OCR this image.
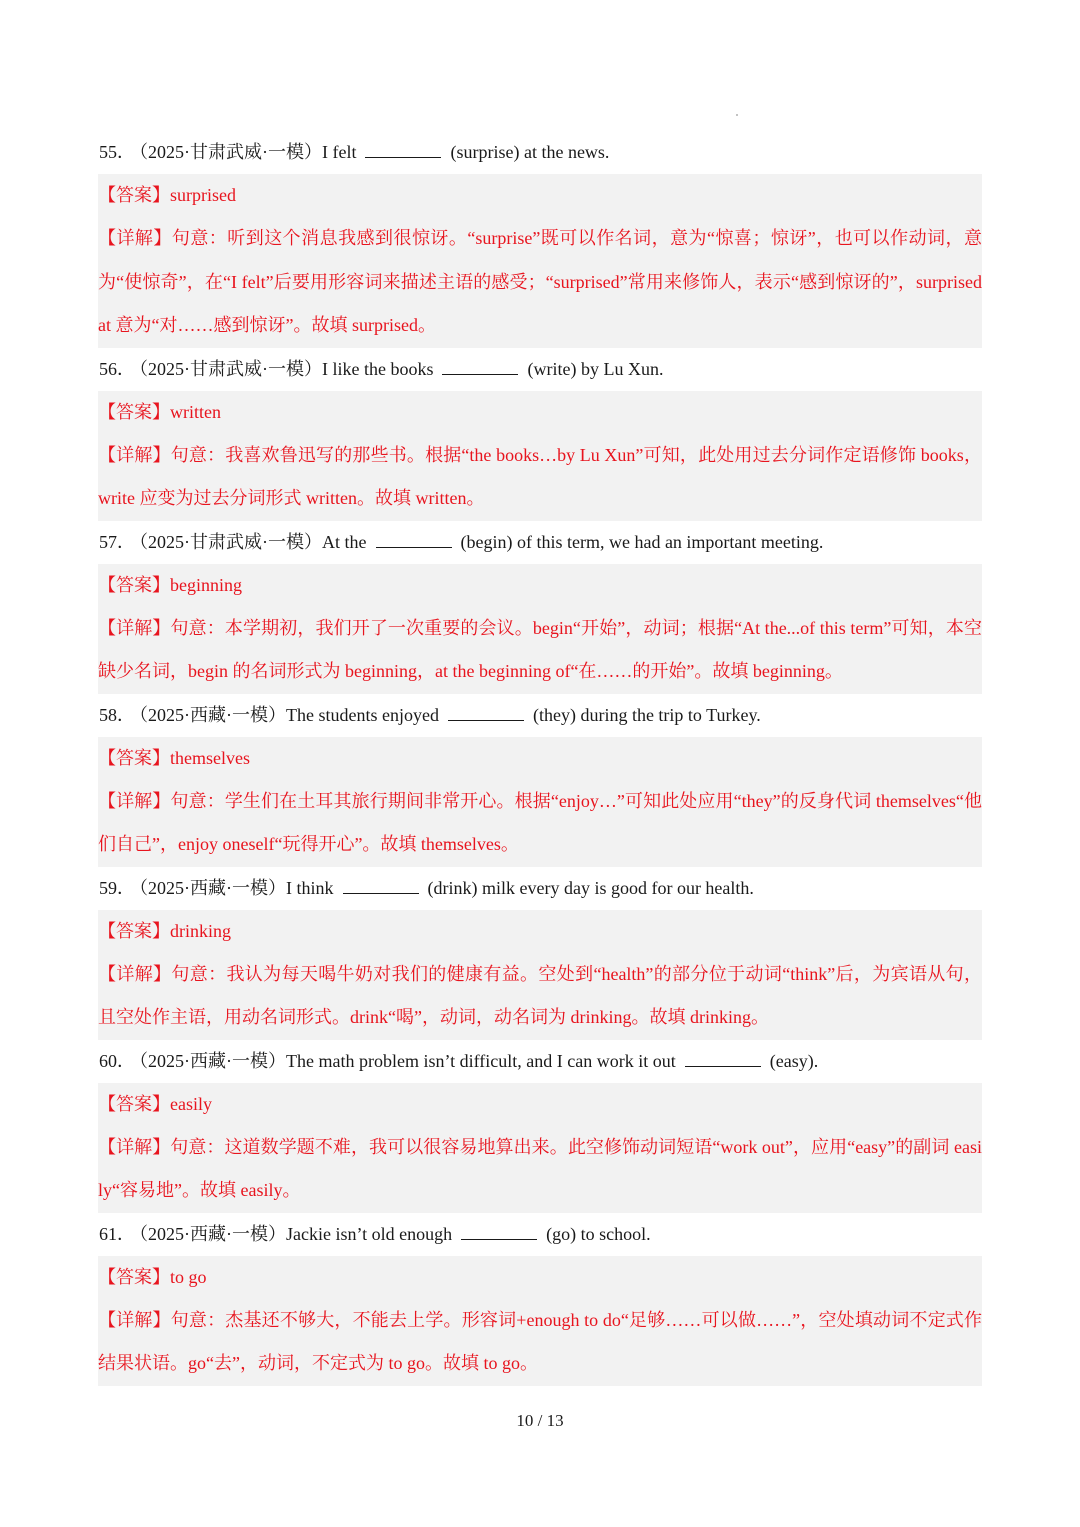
55． （2025·甘肃武威·一模）I felt	(surprise) at the news.
【答案】surprised
【详解】句意：听到这个消息我感到很惊讶。“surprise”既可以作名词，意为“惊喜；惊讶”，也可以作动词，意为“使惊奇”，在“I felt”后要用形容词来描述主语的感受；“surprised”常用来修饰人，表示“感到惊讶的”，surprised at 意为“对……感到惊讶”。故填 surprised。
56． （2025·甘肃武威·一模）I like the books	(write) by Lu Xun.
【答案】written
【详解】句意：我喜欢鲁迅写的那些书。根据“the books…by Lu Xun”可知，此处用过去分词作定语修饰 books，write 应变为过去分词形式 written。故填 written。
57． （2025·甘肃武威·一模）At the	(begin) of this term, we had an important meeting.
【答案】beginning
【详解】句意：本学期初，我们开了一次重要的会议。begin“开始”，动词；根据“At the...of this term”可知，本空缺少名词，begin 的名词形式为 beginning，at the beginning of“在……的开始”。故填 beginning。
58． （2025·西藏·一模）The students enjoyed	(they) during the trip to Turkey.
【答案】themselves
【详解】句意：学生们在土耳其旅行期间非常开心。根据“enjoy…”可知此处应用“they”的反身代词 themselves“他们自己”，enjoy oneself“玩得开心”。故填 themselves。
59． （2025·西藏·一模）I think	(drink) milk every day is good for our health.
【答案】drinking
【详解】句意：我认为每天喝牛奶对我们的健康有益。空处到“health”的部分位于动词“think”后，为宾语从句，且空处作主语，用动名词形式。drink“喝”，动词，动名词为 drinking。故填 drinking。
60． （2025·西藏·一模）The math problem isn’t difficult, and I can work it out	(easy).
【答案】easily
【详解】句意：这道数学题不难，我可以很容易地算出来。此空修饰动词短语“work out”，应用“easy”的副词 easily“容易地”。故填 easily。
61． （2025·西藏·一模）Jackie isn’t old enough	(go) to school.
【答案】to go
【详解】句意：杰基还不够大，不能去上学。形容词+enough to do“足够……可以做……”，空处填动词不定式作结果状语。go“去”，动词，不定式为 to go。故填 to go。
10 / 13
